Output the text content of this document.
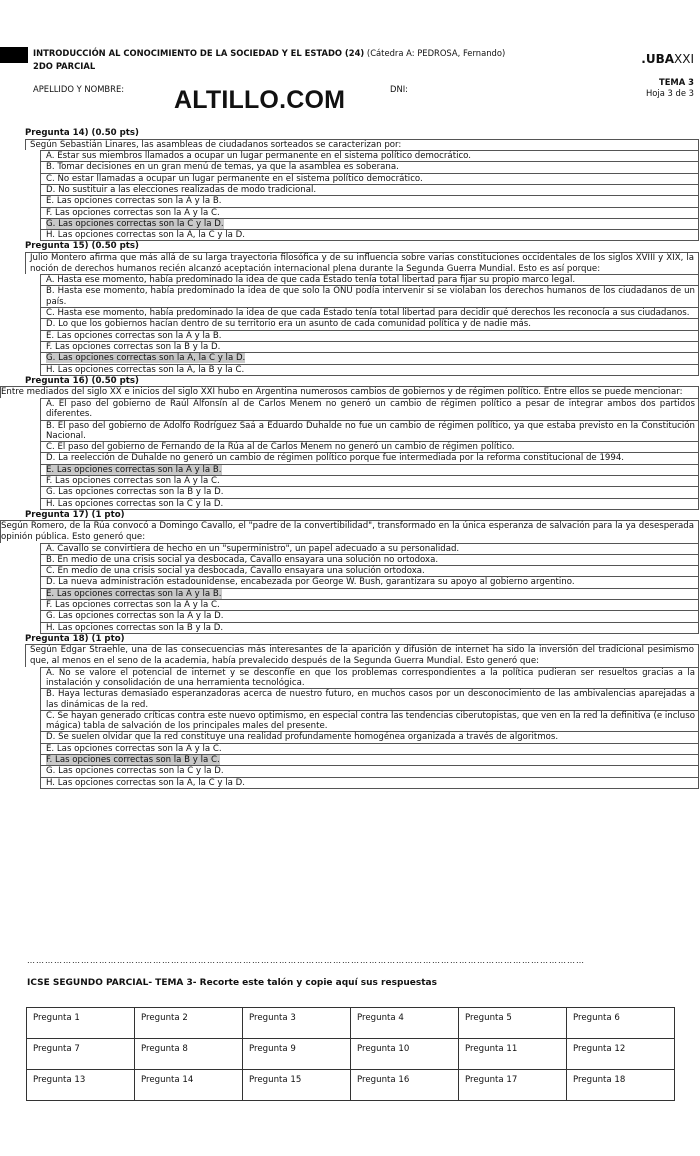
INTRODUCCIÓN AL CONOCIMIENTO DE LA SOCIEDAD Y EL ESTADO (24) (Cátedra A: PEDROSA, Fernando)
2DO PARCIAL	.UBAXXI
TEMA 3
Hoja 3 de 3
APELLIDO Y NOMBRE: ALTILLO.COM	DNI:
Pregunta 14) (0.50 pts)
Según Sebastián Linares, las asambleas de ciudadanos sorteados se caracterizan por:
A. Estar sus miembros llamados a ocupar un lugar permanente en el sistema político democrático.
B. Tomar decisiones en un gran menú de temas, ya que la asamblea es soberana.
C. No estar llamadas a ocupar un lugar permanente en el sistema político democrático.
D. No sustituir a las elecciones realizadas de modo tradicional.
E. Las opciones correctas son la A y la B.
F. Las opciones correctas son la A y la C.
G. Las opciones correctas son la C y la D.
H. Las opciones correctas son la A, la C y la D.
Pregunta 15) (0.50 pts)
Julio Montero afirma que más allá de su larga trayectoria filosófica y de su influencia sobre varias constituciones occidentales de los siglos XVIII y XIX, la noción de derechos humanos recién alcanzó aceptación internacional plena durante la Segunda Guerra Mundial. Esto es así porque:
A. Hasta ese momento, había predominado la idea de que cada Estado tenía total libertad para fijar su propio marco legal.
B. Hasta ese momento, había predominado la idea de que solo la ONU podía intervenir si se violaban los derechos humanos de los ciudadanos de un país.
C. Hasta ese momento, había predominado la idea de que cada Estado tenía total libertad para decidir qué derechos les reconocía a sus ciudadanos.
D. Lo que los gobiernos hacían dentro de su territorio era un asunto de cada comunidad política y de nadie más.
E. Las opciones correctas son la A y la B.
F. Las opciones correctas son la B y la D.
G. Las opciones correctas son la A, la C y la D.
H. Las opciones correctas son la A, la B y la C.
Pregunta 16) (0.50 pts)
Entre mediados del siglo XX e inicios del siglo XXI hubo en Argentina numerosos cambios de gobiernos y de régimen político. Entre ellos se puede mencionar:
A. El paso del gobierno de Raúl Alfonsín al de Carlos Menem no generó un cambio de régimen político a pesar de integrar ambos dos partidos diferentes.
B. El paso del gobierno de Adolfo Rodríguez Saá a Eduardo Duhalde no fue un cambio de régimen político, ya que estaba previsto en la Constitución Nacional.
C. El paso del gobierno de Fernando de la Rúa al de Carlos Menem no generó un cambio de régimen político.
D. La reelección de Duhalde no generó un cambio de régimen político porque fue intermediada por la reforma constitucional de 1994.
E. Las opciones correctas son la A y la B.
F. Las opciones correctas son la A y la C.
G. Las opciones correctas son la B y la D.
H. Las opciones correctas son la C y la D.
Pregunta 17) (1 pto)
Según Romero, de la Rúa convocó a Domingo Cavallo, el "padre de la convertibilidad", transformado en la única esperanza de salvación para la ya desesperada opinión pública. Esto generó que:
A. Cavallo se convirtiera de hecho en un "superministro", un papel adecuado a su personalidad.
B. En medio de una crisis social ya desbocada, Cavallo ensayara una solución no ortodoxa.
C. En medio de una crisis social ya desbocada, Cavallo ensayara una solución ortodoxa.
D. La nueva administración estadounidense, encabezada por George W. Bush, garantizara su apoyo al gobierno argentino.
E. Las opciones correctas son la A y la B.
F. Las opciones correctas son la A y la C.
G. Las opciones correctas son la A y la D.
H. Las opciones correctas son la B y la D.
Pregunta 18) (1 pto)
Según Edgar Straehle, una de las consecuencias más interesantes de la aparición y difusión de internet ha sido la inversión del tradicional pesimismo que, al menos en el seno de la academia, había prevalecido después de la Segunda Guerra Mundial. Esto generó que:
A. No se valore el potencial de internet y se desconfíe en que los problemas correspondientes a la política pudieran ser resueltos gracias a la instalación y consolidación de una herramienta tecnológica.
B. Haya lecturas demasiado esperanzadoras acerca de nuestro futuro, en muchos casos por un desconocimiento de las ambivalencias aparejadas a las dinámicas de la red.
C. Se hayan generado críticas contra este nuevo optimismo, en especial contra las tendencias ciberutopistas, que ven en la red la definitiva (e incluso mágica) tabla de salvación de los principales males del presente.
D. Se suelen olvidar que la red constituye una realidad profundamente homogénea organizada a través de algoritmos.
E. Las opciones correctas son la A y la C.
F. Las opciones correctas son la B y la C.
G. Las opciones correctas son la C y la D.
H. Las opciones correctas son la A, la C y la D.
……………………………………………………………………………………………………………………………………………………………………
ICSE SEGUNDO PARCIAL- TEMA 3- Recorte este talón y copie aquí sus respuestas
Pregunta 1	Pregunta 2	Pregunta 3	Pregunta 4	Pregunta 5	Pregunta 6
Pregunta 7	Pregunta 8	Pregunta 9	Pregunta 10	Pregunta 11	Pregunta 12
Pregunta 13	Pregunta 14	Pregunta 15	Pregunta 16	Pregunta 17	Pregunta 18
